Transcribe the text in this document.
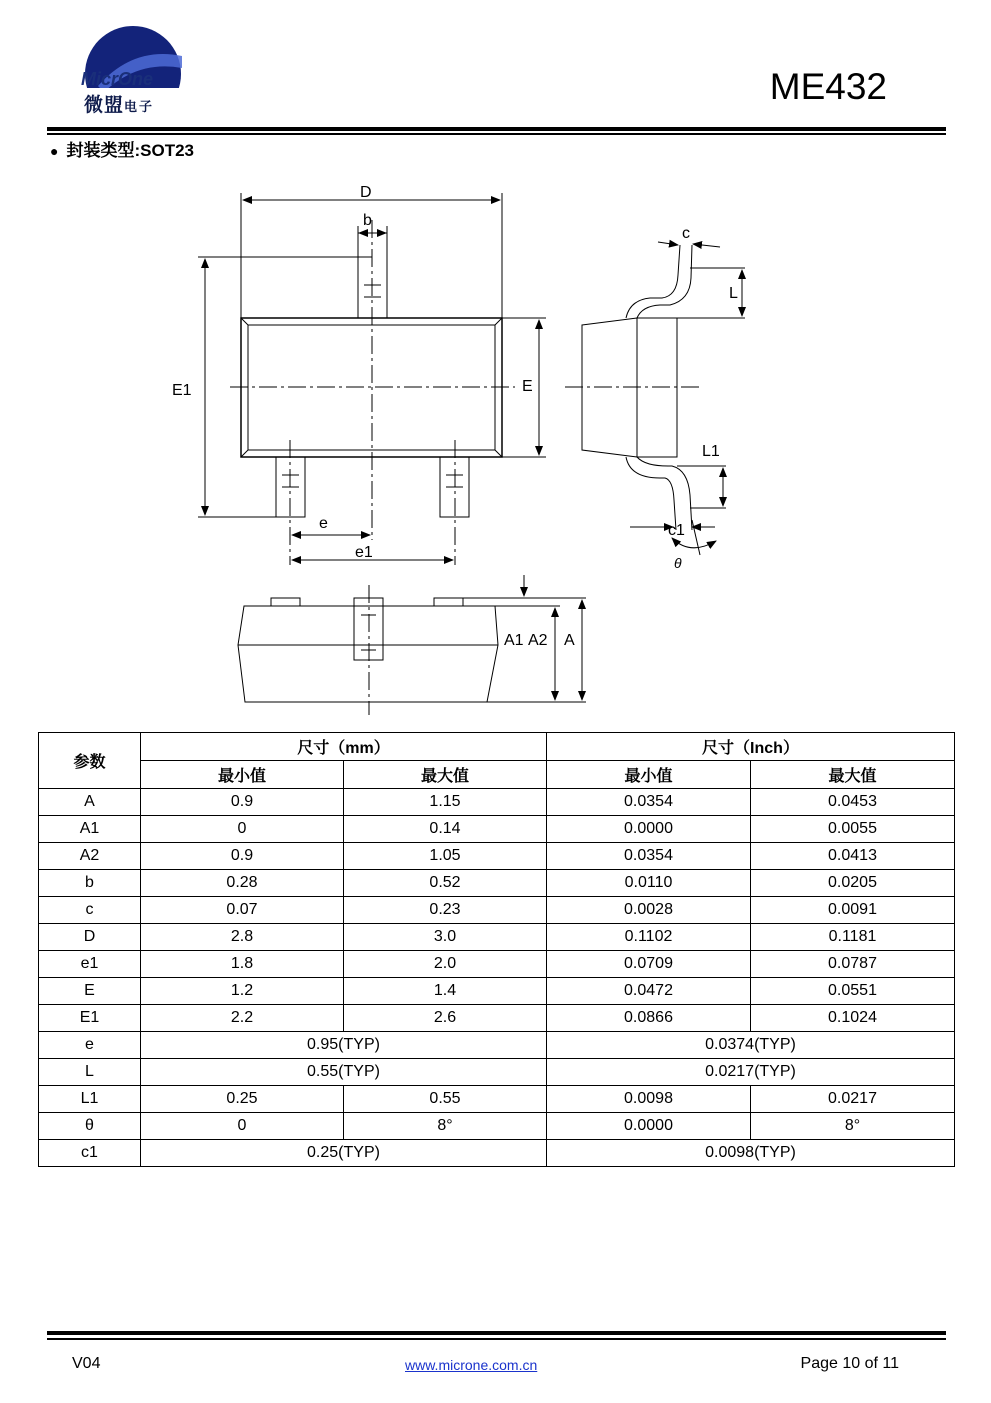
MicrOne
微盟电子	ME432
● 封装类型:SOT23
D
b
E1	E
e
e1
c
L
L1
c1
θ
A1 A2 A
参数	尺寸（mm）		尺寸（Inch）	
	最小值	最大值	最小值	最大值
A	0.9	1.15	0.0354	0.0453
A1	0	0.14	0.0000	0.0055
A2	0.9	1.05	0.0354	0.0413
b	0.28	0.52	0.0110	0.0205
c	0.07	0.23	0.0028	0.0091
D	2.8	3.0	0.1102	0.1181
e1	1.8	2.0	0.0709	0.0787
E	1.2	1.4	0.0472	0.0551
E1	2.2	2.6	0.0866	0.1024
e	0.95(TYP)		0.0374(TYP)	
L	0.55(TYP)		0.0217(TYP)	
L1	0.25	0.55	0.0098	0.0217
θ	0	8°	0.0000	8°
c1	0.25(TYP)		0.0098(TYP)	
V04	www.microne.com.cn	Page 10 of 11
